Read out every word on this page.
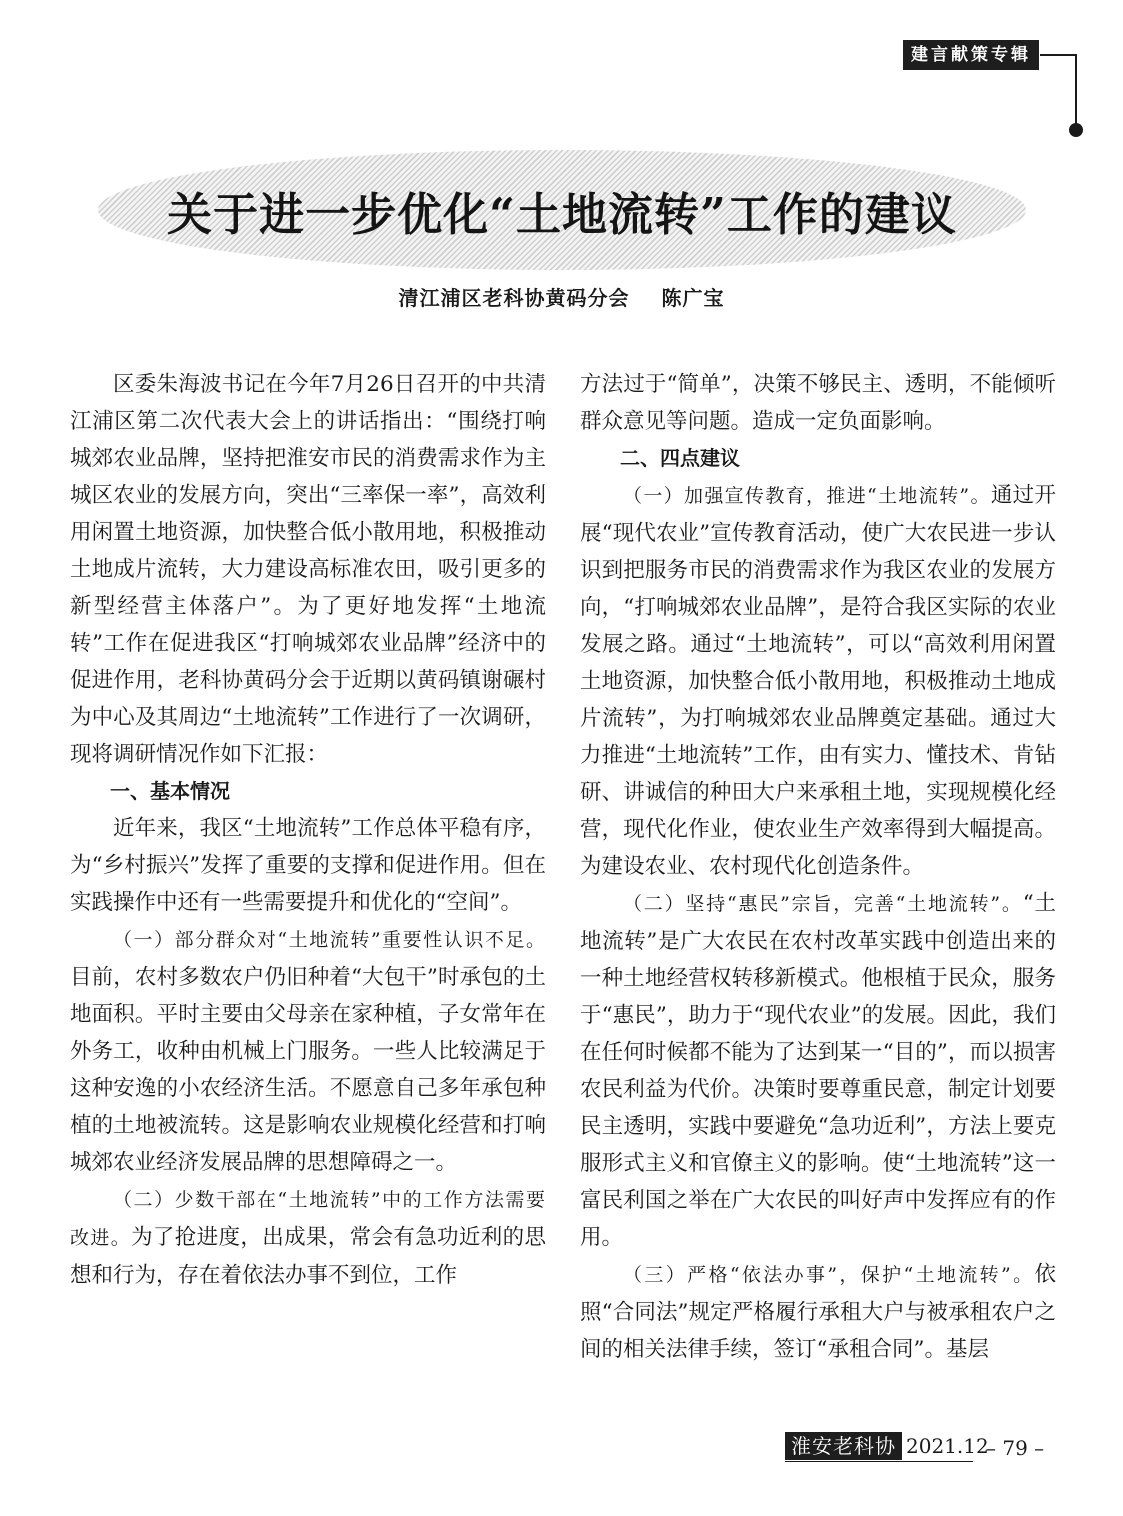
建言献策专辑
关于进一步优化“土地流转”工作的建议
清江浦区老科协黄码分会 陈广宝

区委朱海波书记在今年7月26日召开的中共清江浦区第二次代表大会上的讲话指出：“围绕打响城郊农业品牌，坚持把淮安市民的消费需求作为主城区农业的发展方向，突出“三率保一率”，高效利用闲置土地资源，加快整合低小散用地，积极推动土地成片流转，大力建设高标准农田，吸引更多的新型经营主体落户”。为了更好地发挥“土地流转”工作在促进我区“打响城郊农业品牌”经济中的促进作用，老科协黄码分会于近期以黄码镇谢碾村为中心及其周边“土地流转”工作进行了一次调研，现将调研情况作如下汇报：

一、基本情况

近年来，我区“土地流转”工作总体平稳有序，为“乡村振兴”发挥了重要的支撑和促进作用。但在实践操作中还有一些需要提升和优化的“空间”。

（一）部分群众对“土地流转”重要性认识不足。目前，农村多数农户仍旧种着“大包干”时承包的土地面积。平时主要由父母亲在家种植，子女常年在外务工，收种由机械上门服务。一些人比较满足于这种安逸的小农经济生活。不愿意自己多年承包种植的土地被流转。这是影响农业规模化经营和打响城郊农业经济发展品牌的思想障碍之一。

（二）少数干部在“土地流转”中的工作方法需要改进。为了抢进度，出成果，常会有急功近利的思想和行为，存在着依法办事不到位，工作

方法过于“简单”，决策不够民主、透明，不能倾听群众意见等问题。造成一定负面影响。

二、四点建议

（一）加强宣传教育，推进“土地流转”。通过开展“现代农业”宣传教育活动，使广大农民进一步认识到把服务市民的消费需求作为我区农业的发展方向，“打响城郊农业品牌”，是符合我区实际的农业发展之路。通过“土地流转”，可以“高效利用闲置土地资源，加快整合低小散用地，积极推动土地成片流转”，为打响城郊农业品牌奠定基础。通过大力推进“土地流转”工作，由有实力、懂技术、肯钻研、讲诚信的种田大户来承租土地，实现规模化经营，现代化作业，使农业生产效率得到大幅提高。为建设农业、农村现代化创造条件。

（二）坚持“惠民”宗旨，完善“土地流转”。“土地流转”是广大农民在农村改革实践中创造出来的一种土地经营权转移新模式。他根植于民众，服务于“惠民”，助力于“现代农业”的发展。因此，我们在任何时候都不能为了达到某一“目的”，而以损害农民利益为代价。决策时要尊重民意，制定计划要民主透明，实践中要避免“急功近利”，方法上要克服形式主义和官僚主义的影响。使“土地流转”这一富民利国之举在广大农民的叫好声中发挥应有的作用。

（三）严格“依法办事”，保护“土地流转”。依照“合同法”规定严格履行承租大户与被承租农户之间的相关法律手续，签订“承租合同”。基层

淮安老科协 2021.12
– 79 –
